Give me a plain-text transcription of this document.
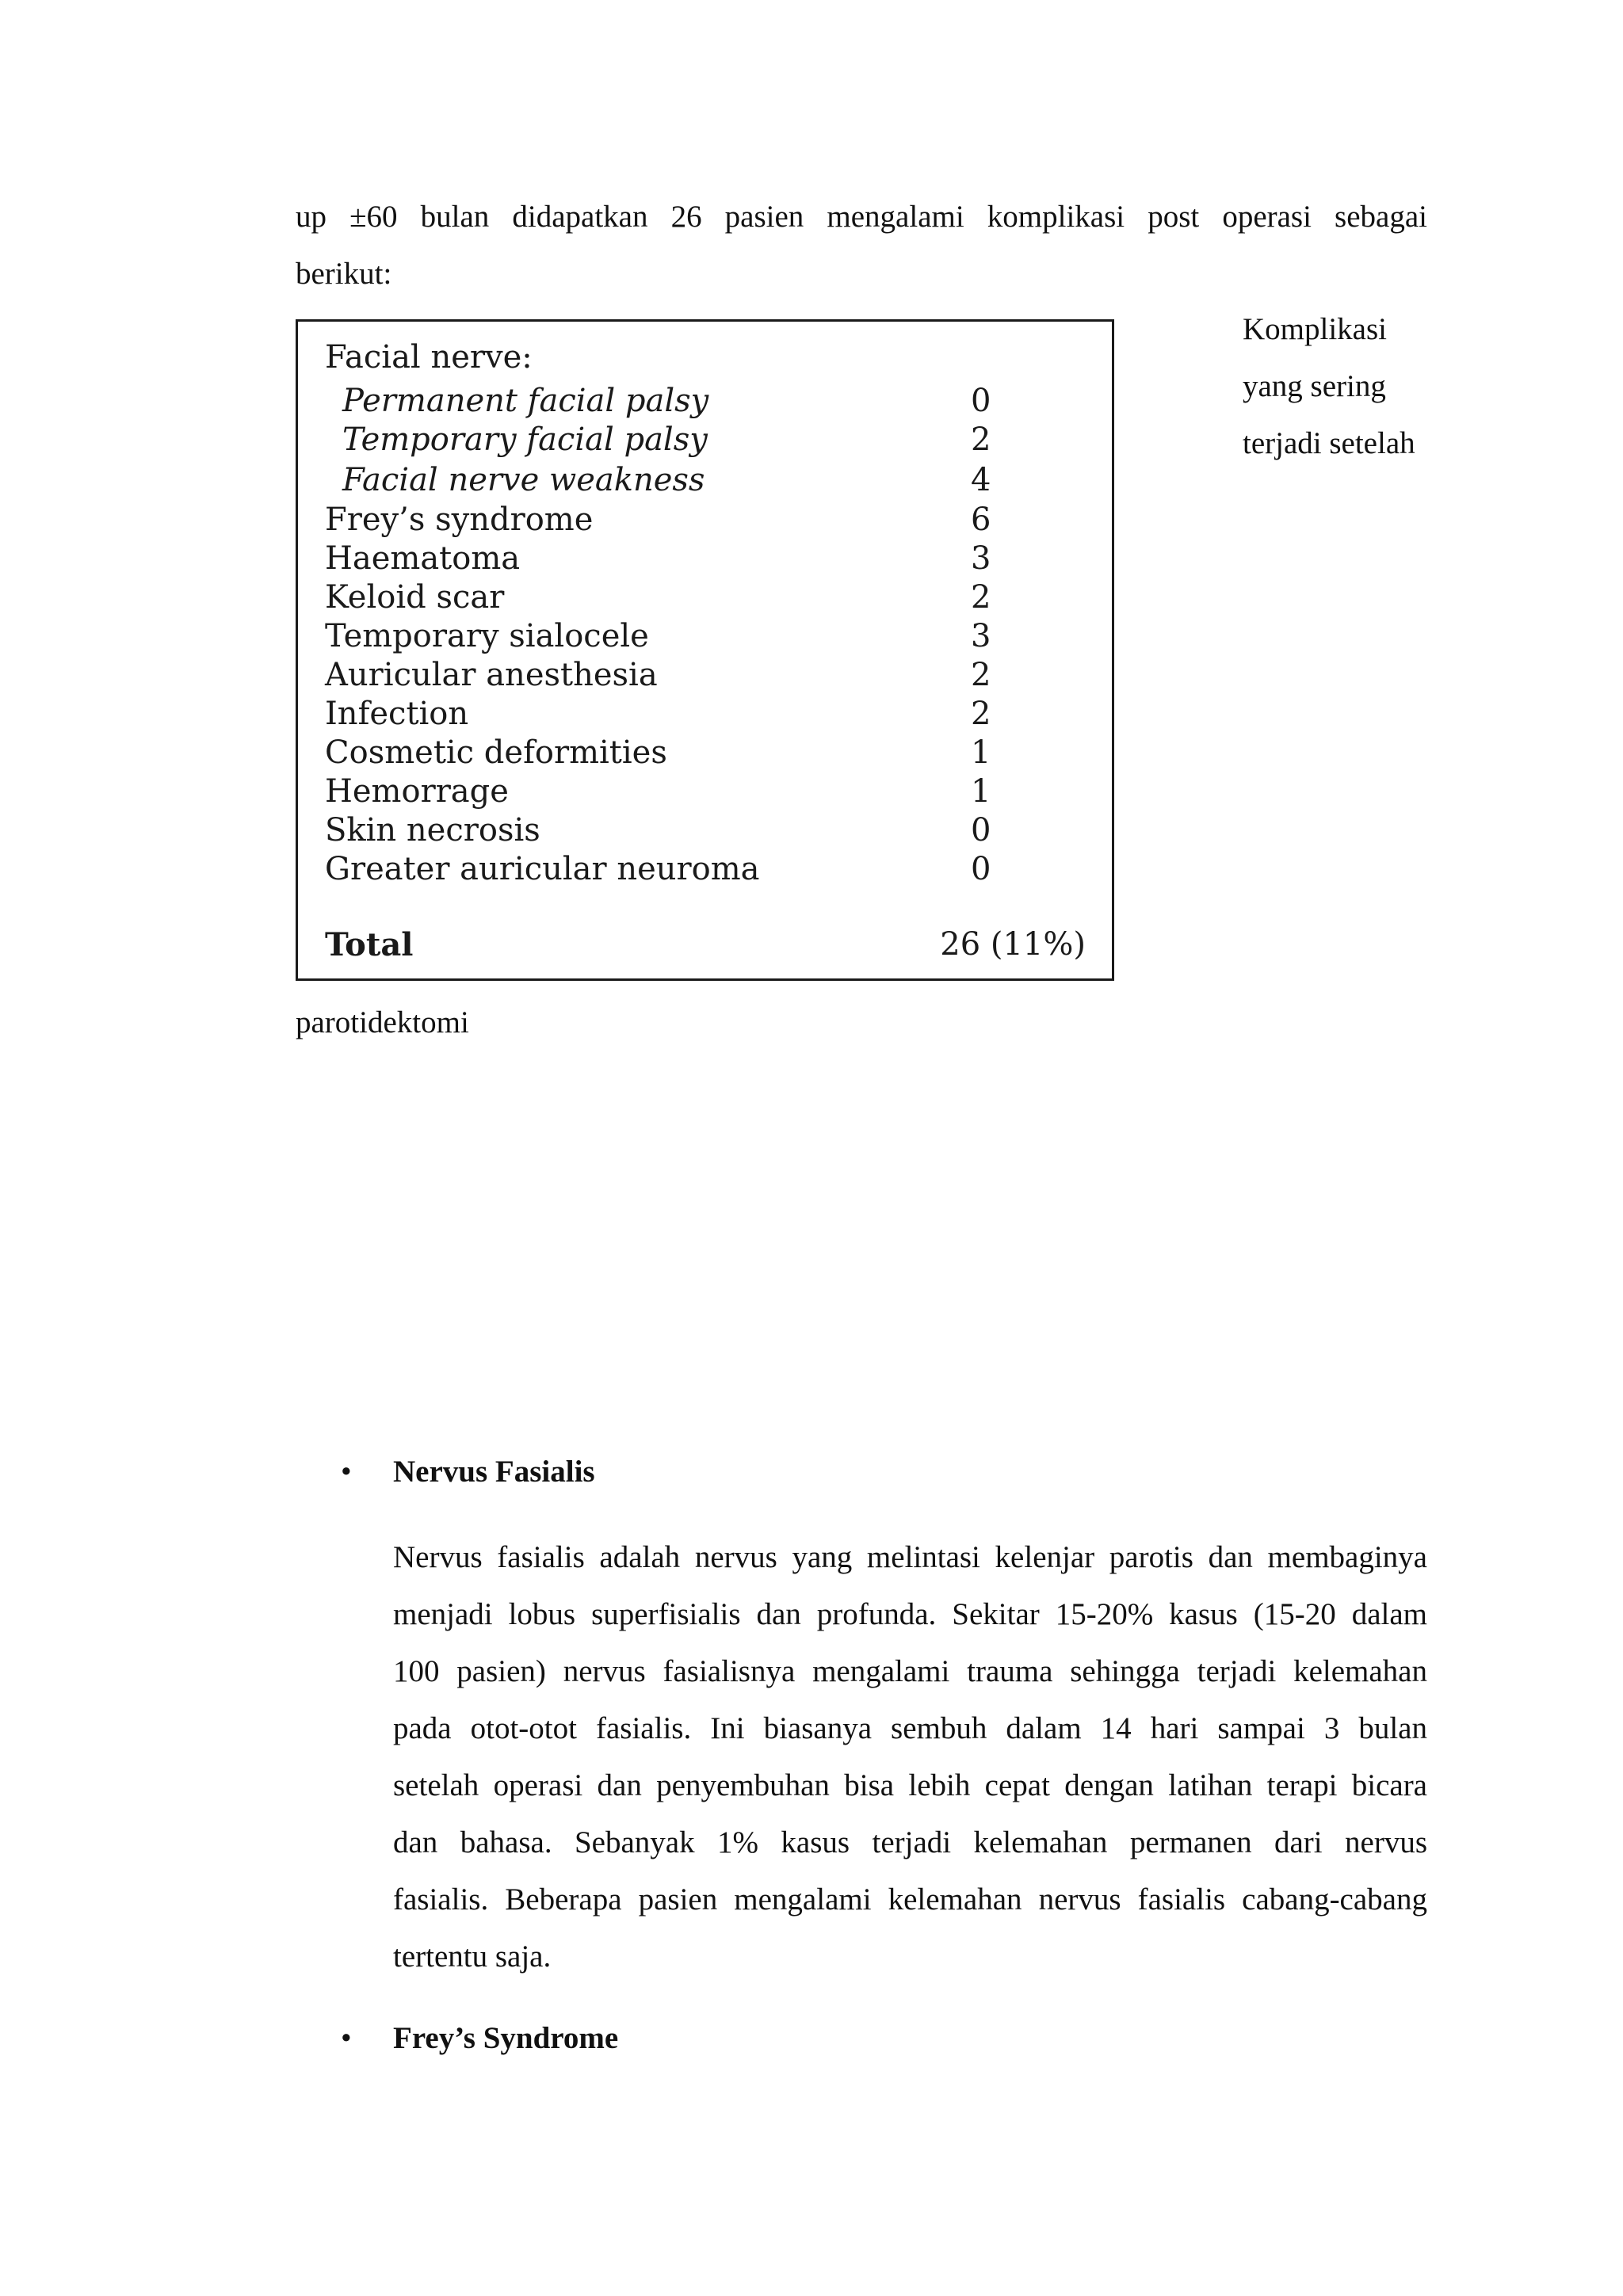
up ±60 bulan didapatkan 26 pasien mengalami komplikasi post operasi sebagai
berikut:
Facial nerve:
Permanent facial palsy	0
Temporary facial palsy	2
Facial nerve weakness	4
Frey’s syndrome	6
Haematoma	3
Keloid scar	2
Temporary sialocele	3
Auricular anesthesia	2
Infection	2
Cosmetic deformities	1
Hemorrage	1
Skin necrosis	0
Greater auricular neuroma	0
Total	26 (11%)
Komplikasi
yang sering
terjadi setelah
parotidektomi
• Nervus Fasialis
Nervus fasialis adalah nervus yang melintasi kelenjar parotis dan membaginya
menjadi lobus superfisialis dan profunda. Sekitar 15-20% kasus (15-20 dalam
100 pasien) nervus fasialisnya mengalami trauma sehingga terjadi kelemahan
pada otot-otot fasialis. Ini biasanya sembuh dalam 14 hari sampai 3 bulan
setelah operasi dan penyembuhan bisa lebih cepat dengan latihan terapi bicara
dan bahasa. Sebanyak 1% kasus terjadi kelemahan permanen dari nervus
fasialis. Beberapa pasien mengalami kelemahan nervus fasialis cabang-cabang
tertentu saja.
• Frey’s Syndrome
